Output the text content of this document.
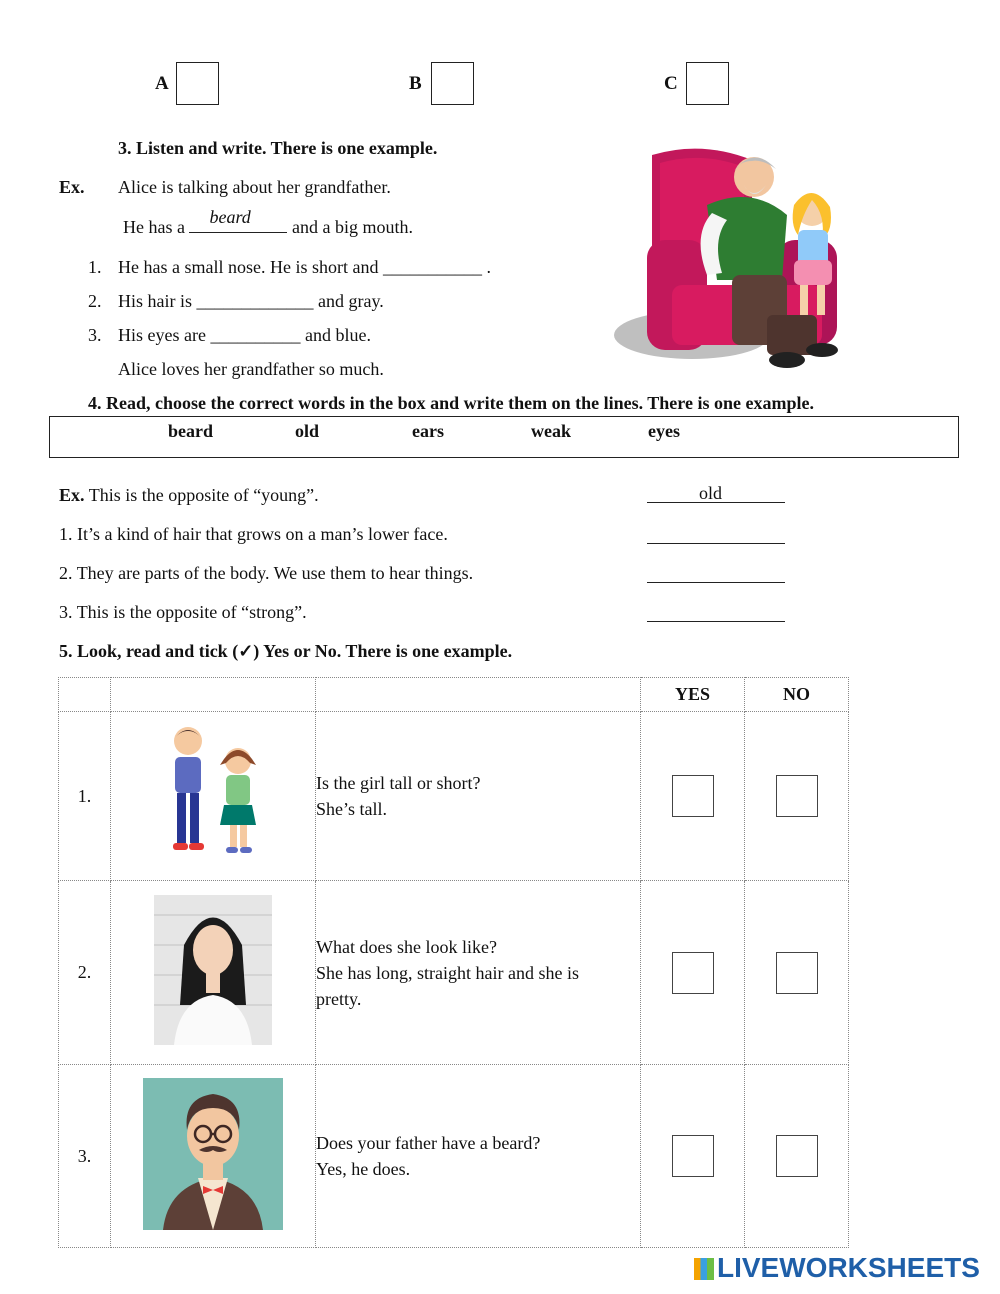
A	B	C
3. Listen and write. There is one example.
Ex. Alice is talking about her grandfather.
He has a beard and a big mouth.
1. He has a small nose. He is short and ___________ .
2. His hair is _____________ and gray.
3. His eyes are __________ and blue.
Alice loves her grandfather so much.
4. Read, choose the correct words in the box and write them on the lines. There is one example.
beard	old	ears	weak	eyes
Ex. This is the opposite of “young”.	old
1. It’s a kind of hair that grows on a man’s lower face.
2. They are parts of the body. We use them to hear things.
3. This is the opposite of “strong”.
5. Look, read and tick (✓) Yes or No. There is one example.
			YES	NO
1.		Is the girl tall or short?
She’s tall.		

2.		What does she look like?
She has long, straight hair and she is
pretty.		

3.		Does your father have a beard?
Yes, he does.		

LIVEWORKSHEETS
